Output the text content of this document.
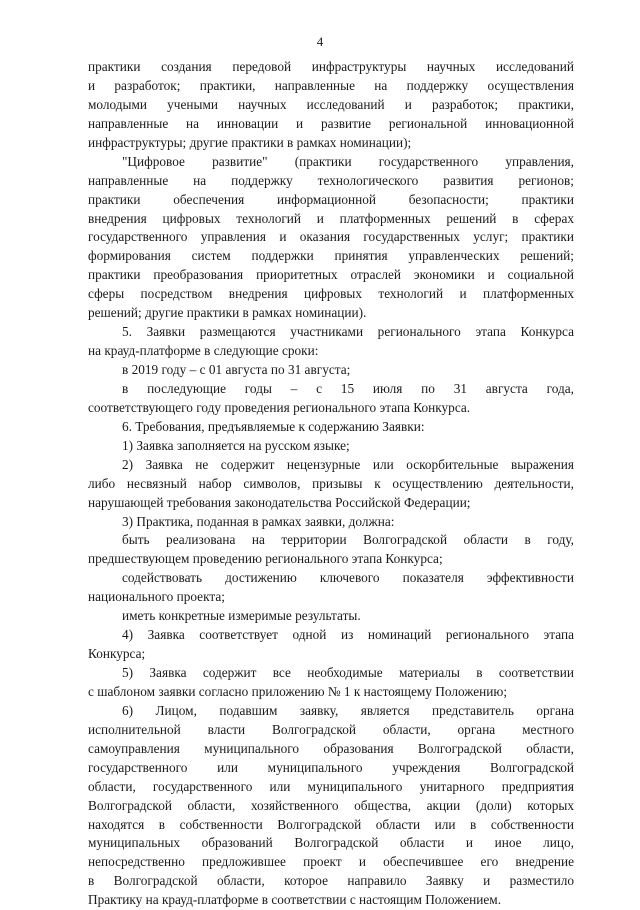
4
практики создания передовой инфраструктуры научных исследований
и разработок; практики, направленные на поддержку осуществления
молодыми учеными научных исследований и разработок; практики,
направленные на инновации и развитие региональной инновационной
инфраструктуры; другие практики в рамках номинации);
"Цифровое развитие" (практики государственного управления,
направленные на поддержку технологического развития регионов;
практики обеспечения информационной безопасности; практики
внедрения цифровых технологий и платформенных решений в сферах
государственного управления и оказания государственных услуг; практики
формирования систем поддержки принятия управленческих решений;
практики преобразования приоритетных отраслей экономики и социальной
сферы посредством внедрения цифровых технологий и платформенных
решений; другие практики в рамках номинации).
5. Заявки размещаются участниками регионального этапа Конкурса
на крауд-платформе в следующие сроки:
в 2019 году – с 01 августа по 31 августа;
в последующие годы – с 15 июля по 31 августа года,
соответствующего году проведения регионального этапа Конкурса.
6. Требования, предъявляемые к содержанию Заявки:
1) Заявка заполняется на русском языке;
2) Заявка не содержит нецензурные или оскорбительные выражения
либо несвязный набор символов, призывы к осуществлению деятельности,
нарушающей требования законодательства Российской Федерации;
3) Практика, поданная в рамках заявки, должна:
быть реализована на территории Волгоградской области в году,
предшествующем проведению регионального этапа Конкурса;
содействовать достижению ключевого показателя эффективности
национального проекта;
иметь конкретные измеримые результаты.
4) Заявка соответствует одной из номинаций регионального этапа
Конкурса;
5) Заявка содержит все необходимые материалы в соответствии
с шаблоном заявки согласно приложению № 1 к настоящему Положению;
6) Лицом, подавшим заявку, является представитель органа
исполнительной власти Волгоградской области, органа местного
самоуправления муниципального образования Волгоградской области,
государственного или муниципального учреждения Волгоградской
области, государственного или муниципального унитарного предприятия
Волгоградской области, хозяйственного общества, акции (доли) которых
находятся в собственности Волгоградской области или в собственности
муниципальных образований Волгоградской области и иное лицо,
непосредственно предложившее проект и обеспечившее его внедрение
в Волгоградской области, которое направило Заявку и разместило
Практику на крауд-платформе в соответствии с настоящим Положением.
